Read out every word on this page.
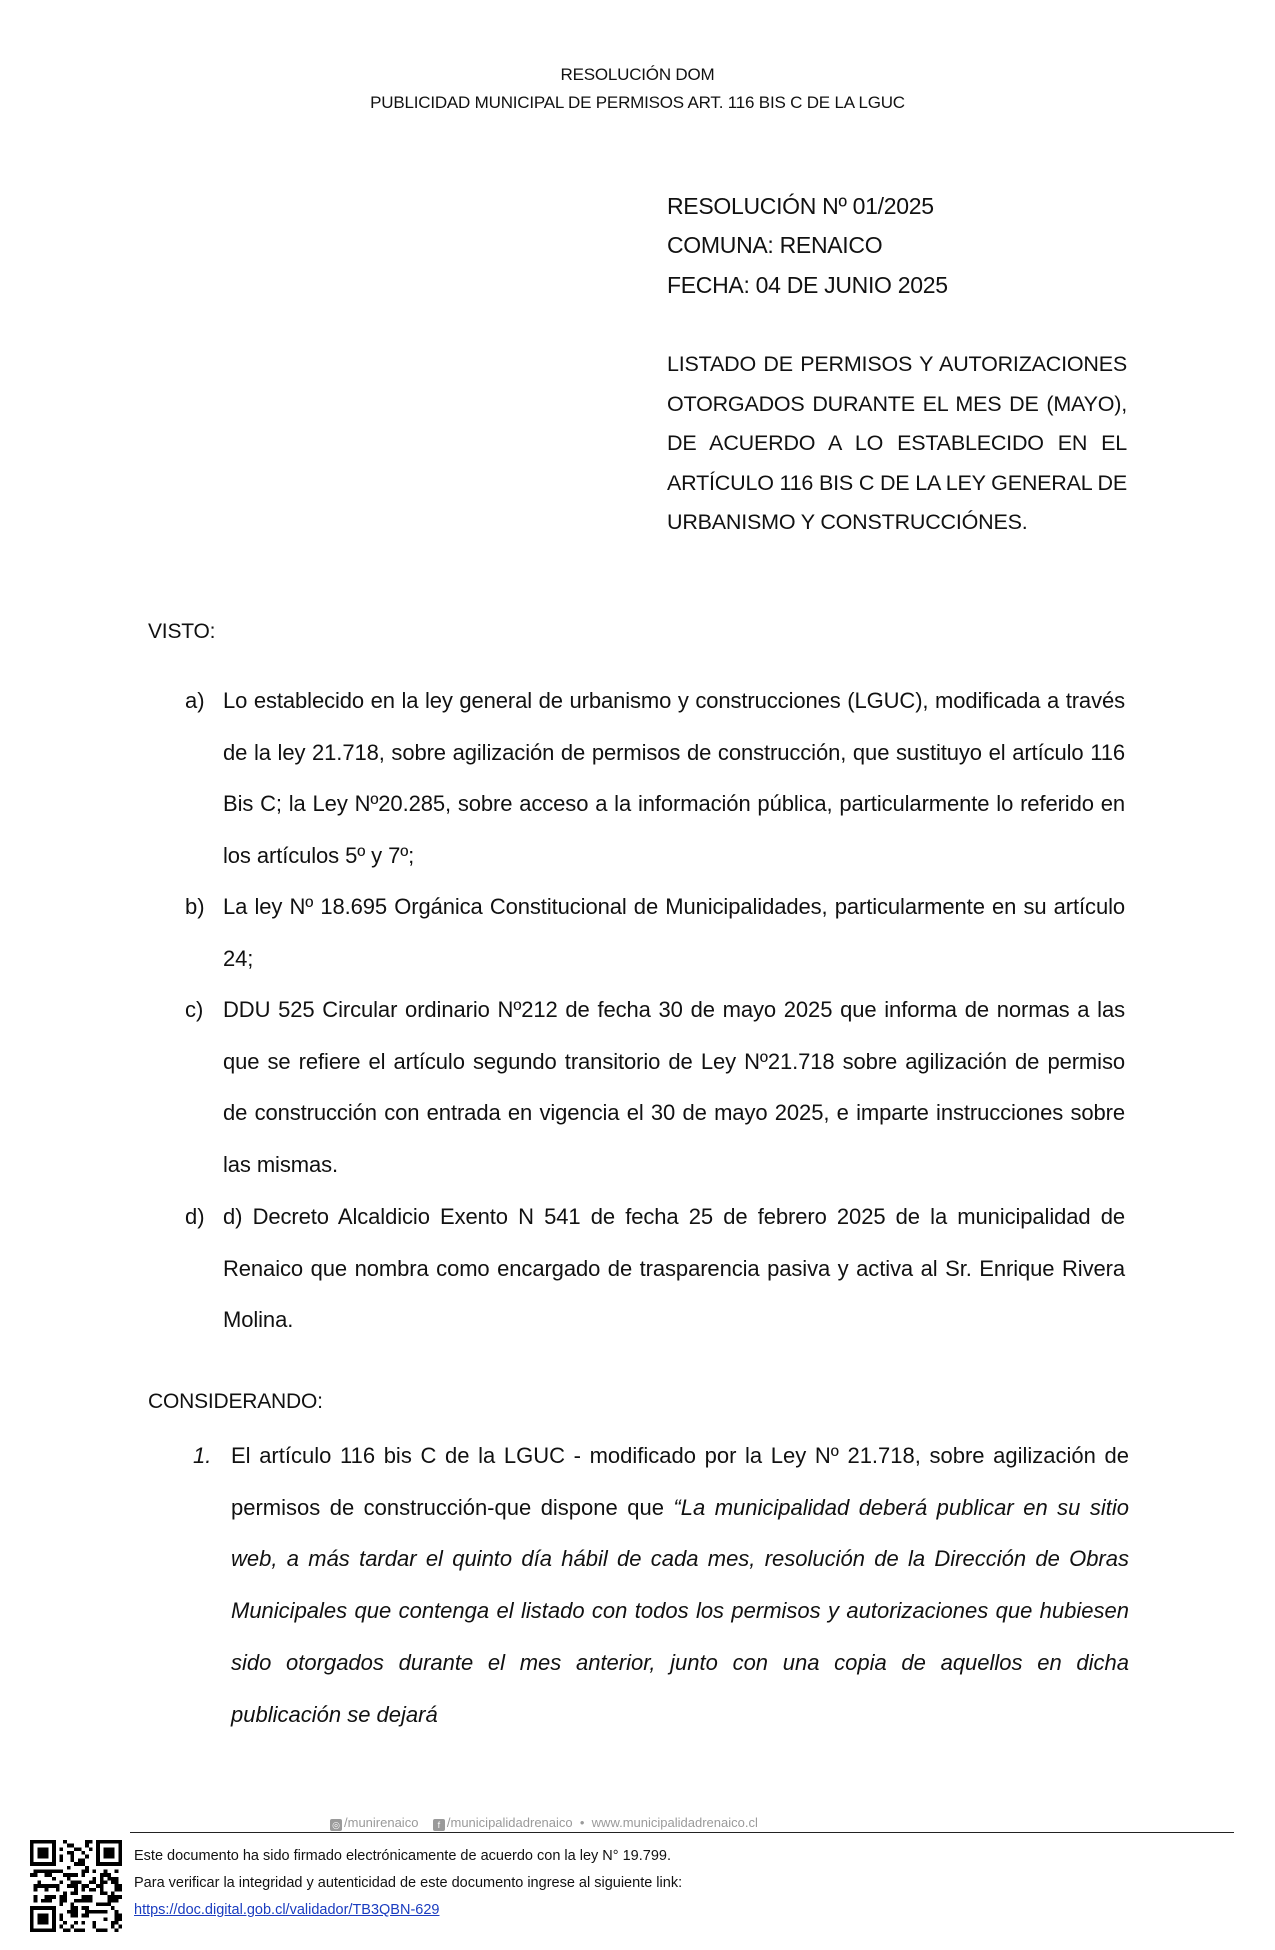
RESOLUCIÓN DOM
PUBLICIDAD MUNICIPAL DE PERMISOS ART. 116 BIS C DE LA LGUC
RESOLUCIÓN Nº 01/2025
COMUNA: RENAICO
FECHA: 04 DE JUNIO 2025
LISTADO DE PERMISOS Y AUTORIZACIONES OTORGADOS DURANTE EL MES DE (MAYO), DE ACUERDO A LO ESTABLECIDO EN EL ARTÍCULO 116 BIS C DE LA LEY GENERAL DE URBANISMO Y CONSTRUCCIÓNES.
VISTO:
a) Lo establecido en la ley general de urbanismo y construcciones (LGUC), modificada a través de la ley 21.718, sobre agilización de permisos de construcción, que sustituyo el artículo 116 Bis C; la Ley Nº20.285, sobre acceso a la información pública, particularmente lo referido en los artículos 5º y 7º;
b) La ley Nº 18.695 Orgánica Constitucional de Municipalidades, particularmente en su artículo 24;
c) DDU 525 Circular ordinario Nº212 de fecha 30 de mayo 2025 que informa de normas a las que se refiere el artículo segundo transitorio de Ley Nº21.718 sobre agilización de permiso de construcción con entrada en vigencia el 30 de mayo 2025, e imparte instrucciones sobre las mismas.
d) d) Decreto Alcaldicio Exento N 541 de fecha 25 de febrero 2025 de la municipalidad de Renaico que nombra como encargado de trasparencia pasiva y activa al Sr. Enrique Rivera Molina.
CONSIDERANDO:
1. El artículo 116 bis C de la LGUC - modificado por la Ley Nº 21.718, sobre agilización de permisos de construcción-que dispone que “La municipalidad deberá publicar en su sitio web, a más tardar el quinto día hábil de cada mes, resolución de la Dirección de Obras Municipales que contenga el listado con todos los permisos y autorizaciones que hubiesen sido otorgados durante el mes anterior, junto con una copia de aquellos en dicha publicación se dejará
◎ /munirenaico f /municipalidadrenaico • www.municipalidadrenaico.cl
Este documento ha sido firmado electrónicamente de acuerdo con la ley N° 19.799.
Para verificar la integridad y autenticidad de este documento ingrese al siguiente link:
https://doc.digital.gob.cl/validador/TB3QBN-629
